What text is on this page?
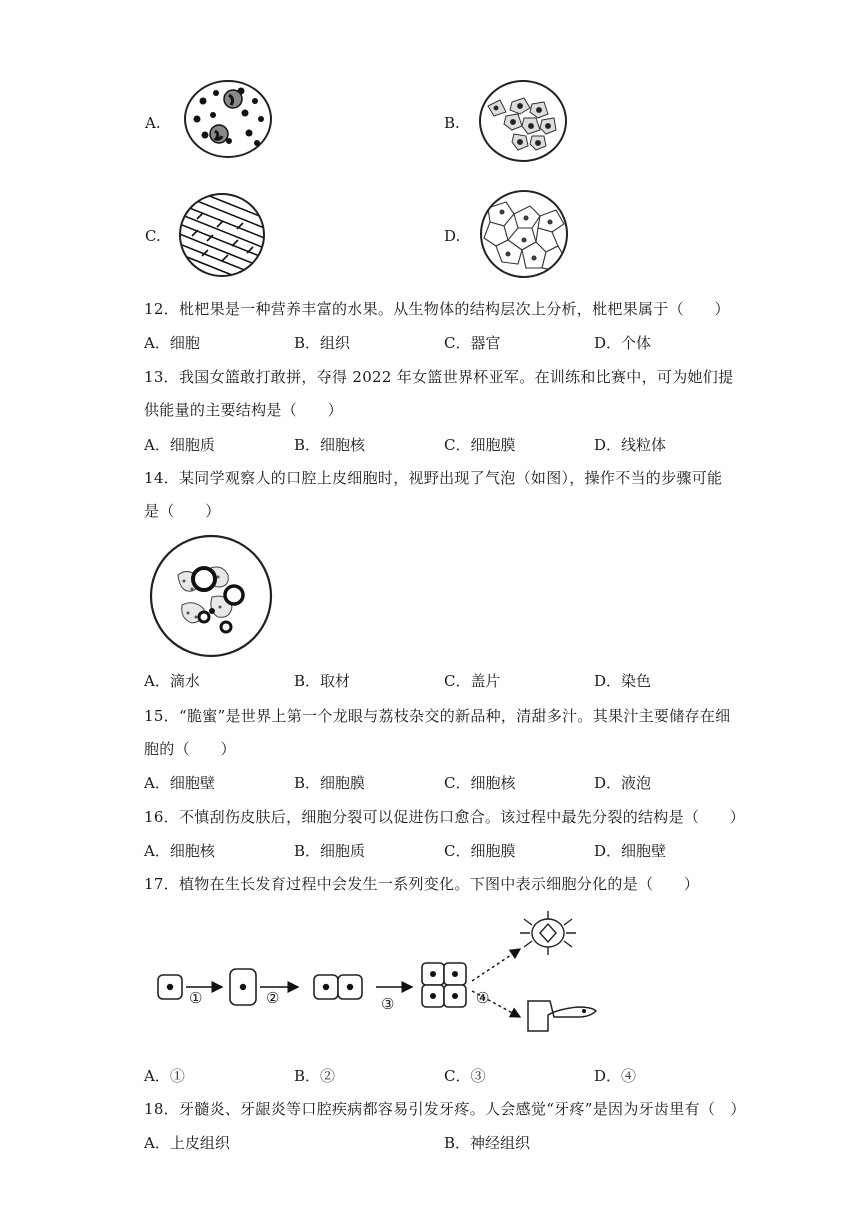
A.	B.
C.	D.
12．枇杷果是一种营养丰富的水果。从生物体的结构层次上分析，枇杷果属于（　　）
A．细胞	B．组织	C．器官	D．个体
13．我国女篮敢打敢拼，夺得 2022 年女篮世界杯亚军。在训练和比赛中，可为她们提
供能量的主要结构是（　　）
A．细胞质	B．细胞核	C．细胞膜	D．线粒体
14．某同学观察人的口腔上皮细胞时，视野出现了气泡（如图），操作不当的步骤可能
是（　　）
A．滴水	B．取材	C．盖片	D．染色
15．“脆蜜”是世界上第一个龙眼与荔枝杂交的新品种，清甜多汁。其果汁主要储存在细
胞的（　　）
A．细胞壁	B．细胞膜	C．细胞核	D．液泡
16．不慎刮伤皮肤后，细胞分裂可以促进伤口愈合。该过程中最先分裂的结构是（　　）
A．细胞核	B．细胞质	C．细胞膜	D．细胞壁
17．植物在生长发育过程中会发生一系列变化。下图中表示细胞分化的是（　　）
①	②	③	④
A．①	B．②	C．③	D．④
18．牙髓炎、牙龈炎等口腔疾病都容易引发牙疼。人会感觉“牙疼”是因为牙齿里有（　）
A．上皮组织	B．神经组织
